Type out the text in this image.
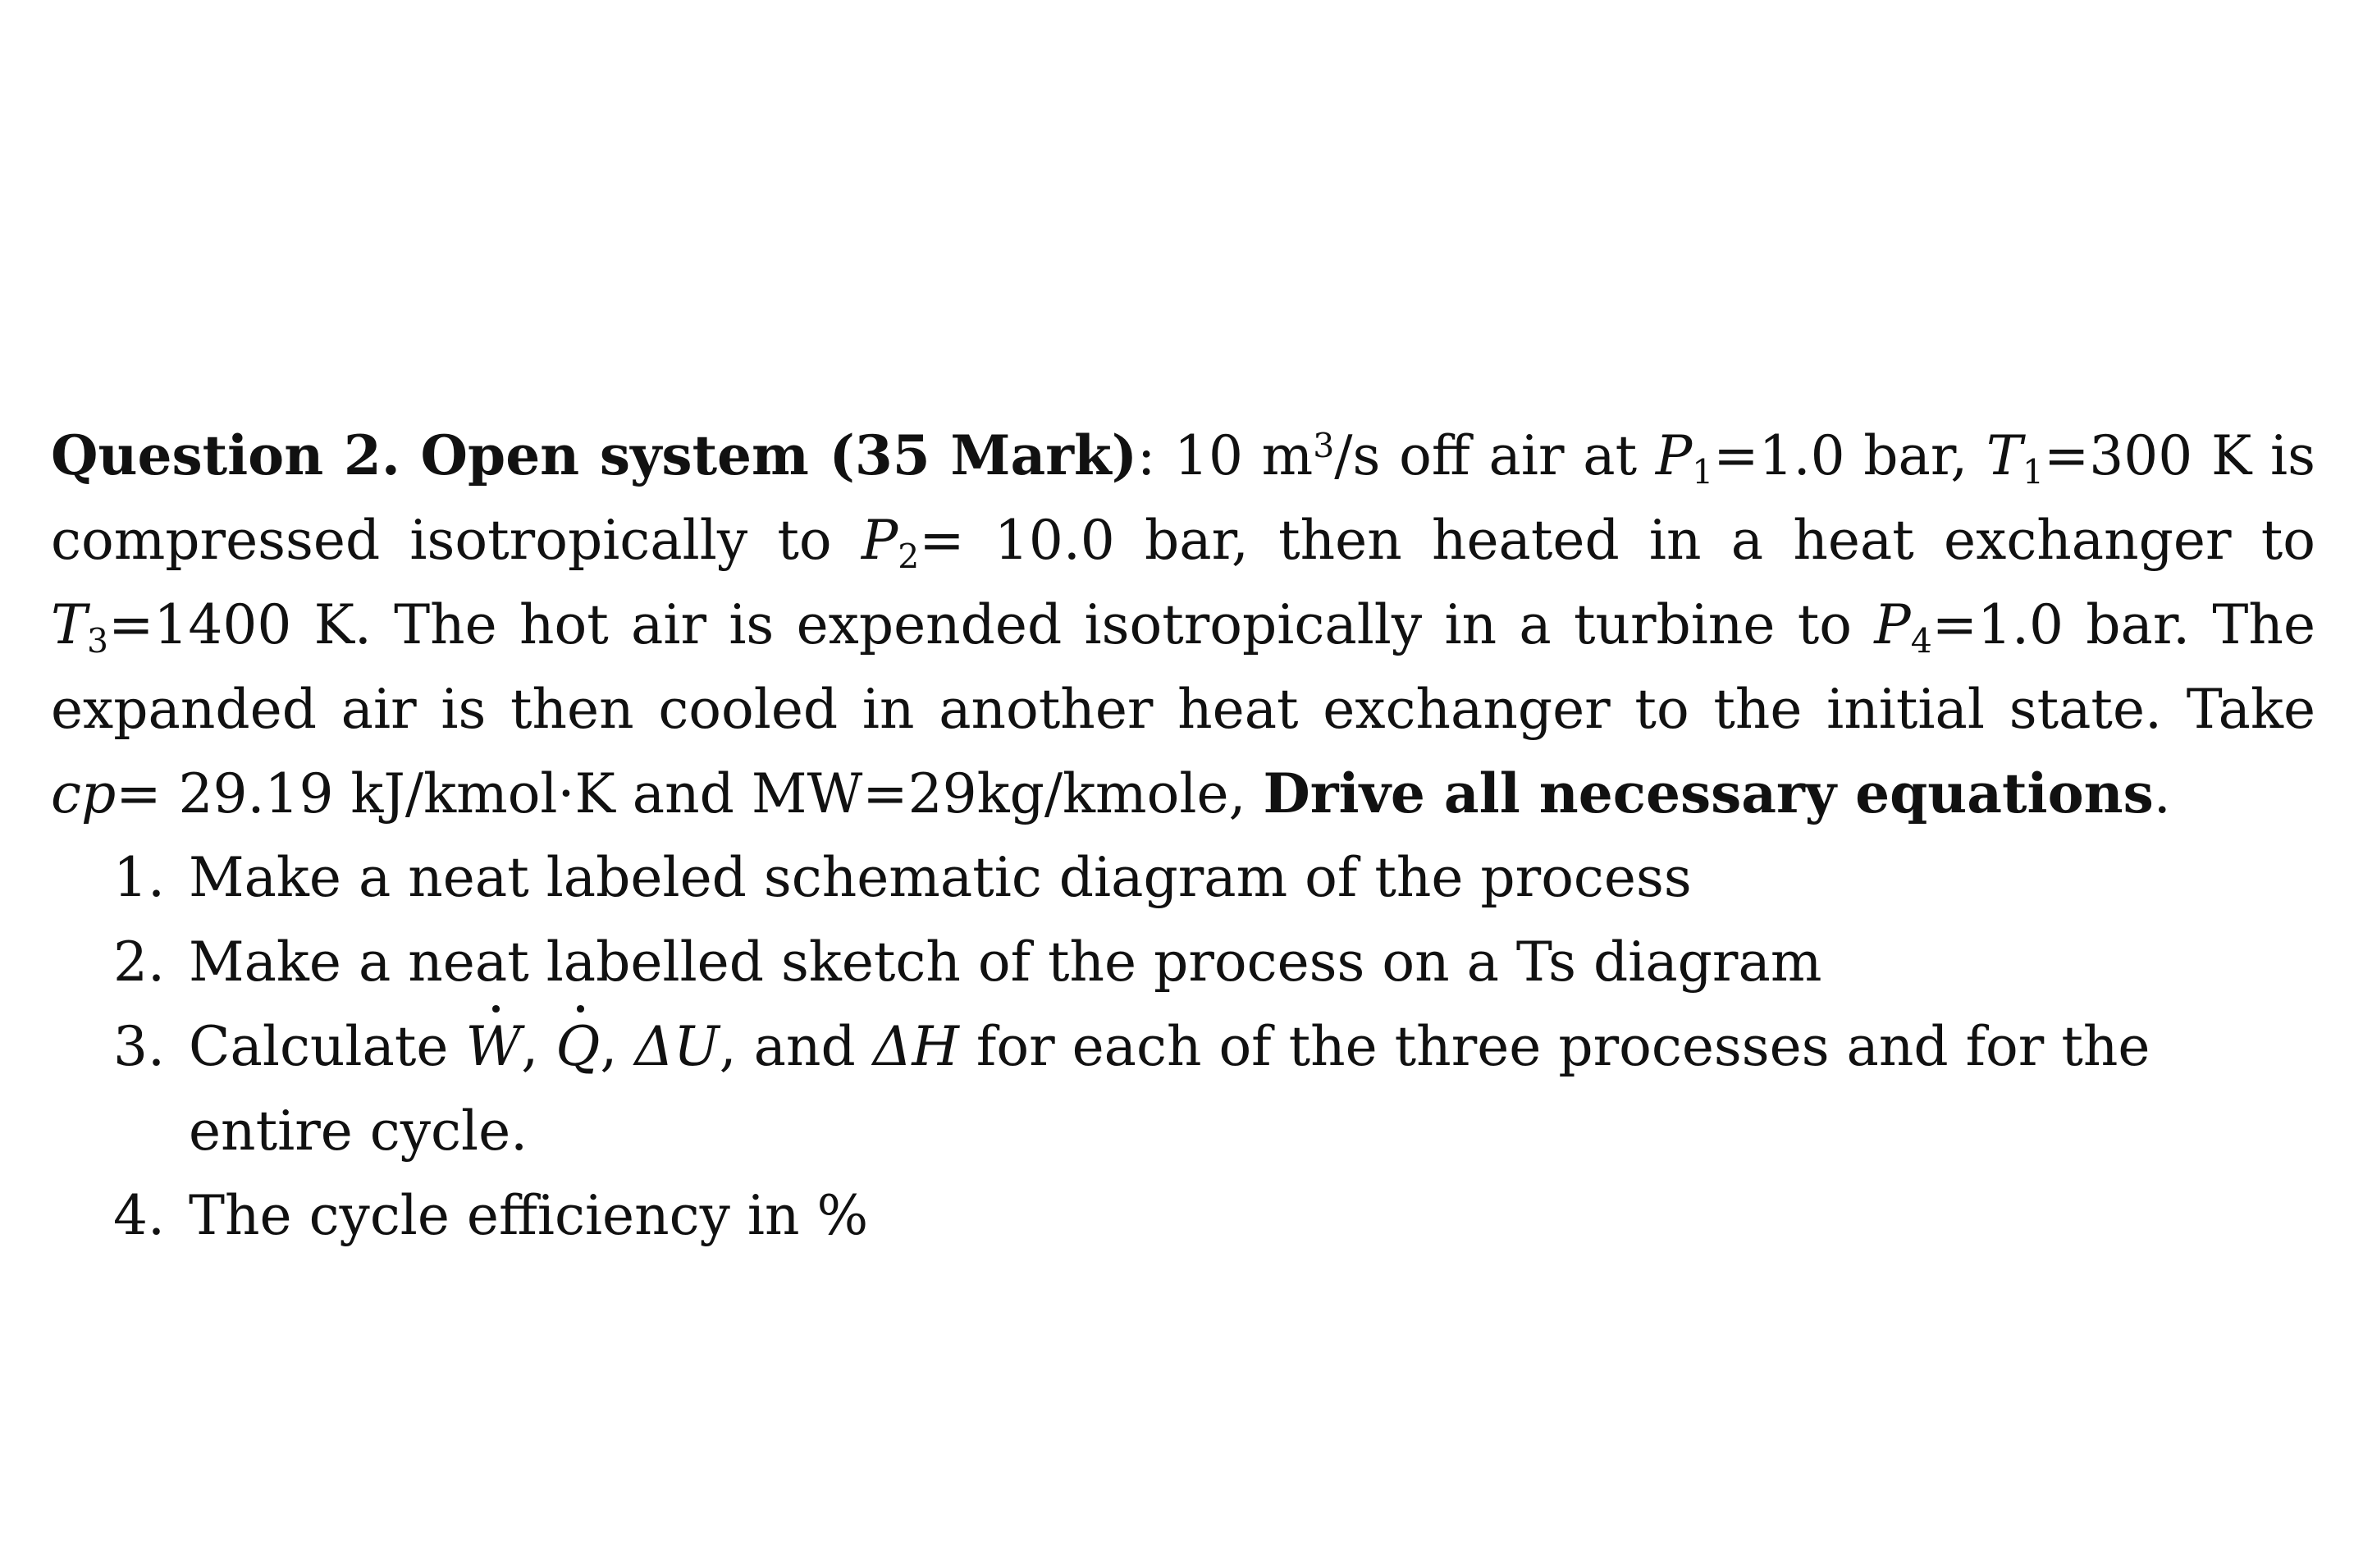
Question 2. Open system (35 Mark): 10 $m^3/s$ off air at $P_1=1.0$ bar, $T_1=300$ K is compressed isotropically to $P_2= 10.0$ bar, then heated in a heat exchanger to $T_3=1400$ K. The hot air is expended isotropically in a turbine to $P_4=1.0$ bar. The expanded air is then cooled in another heat exchanger to the initial state. Take cp= 29.19 kJ/kmol·K and MW=29kg/kmole, Drive all necessary equations.

1. Make a neat labeled schematic diagram of the process
2. Make a neat labelled sketch of the process on a Ts diagram
3. Calculate W, Q, ΔU, and ΔH for each of the three processes and for the entire cycle.
4. The cycle efficiency in %
